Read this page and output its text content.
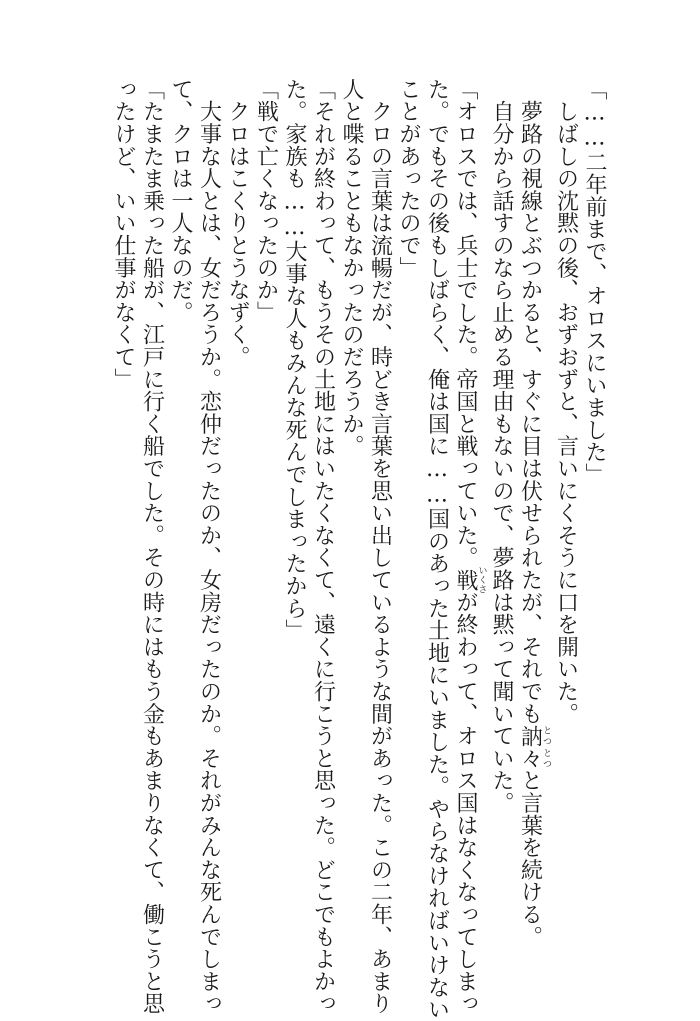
「……二年前まで、オロスにいました」
　しばしの沈黙の後、おずおずと、言いにくそうに口を開いた。
　夢路の視線とぶつかると、すぐに目は伏せられたが、それでも訥々とつとつと言葉を続ける。
　自分から話すのなら止める理由もないので、夢路は黙って聞いていた。
「オロスでは、兵士でした。帝国と戦っていた。戦いくさが終わって、オロス国はなくなってしまっ
た。でもその後もしばらく、俺は国に……国のあった土地にいました。やらなければいけない
ことがあったので」
　クロの言葉は流暢だが、時どき言葉を思い出しているような間があった。この二年、あまり
人と喋ることもなかったのだろうか。
「それが終わって、もうその土地にはいたくなくて、遠くに行こうと思った。どこでもよかっ
た。家族も……大事な人もみんな死んでしまったから」
「戦で亡くなったのか」
　クロはこくりとうなずく。
　大事な人とは、女だろうか。恋仲だったのか、女房だったのか。それがみんな死んでしまっ
て、クロは一人なのだ。
「たまたま乗った船が、江戸に行く船でした。その時にはもう金もあまりなくて、働こうと思
ったけど、いい仕事がなくて」
